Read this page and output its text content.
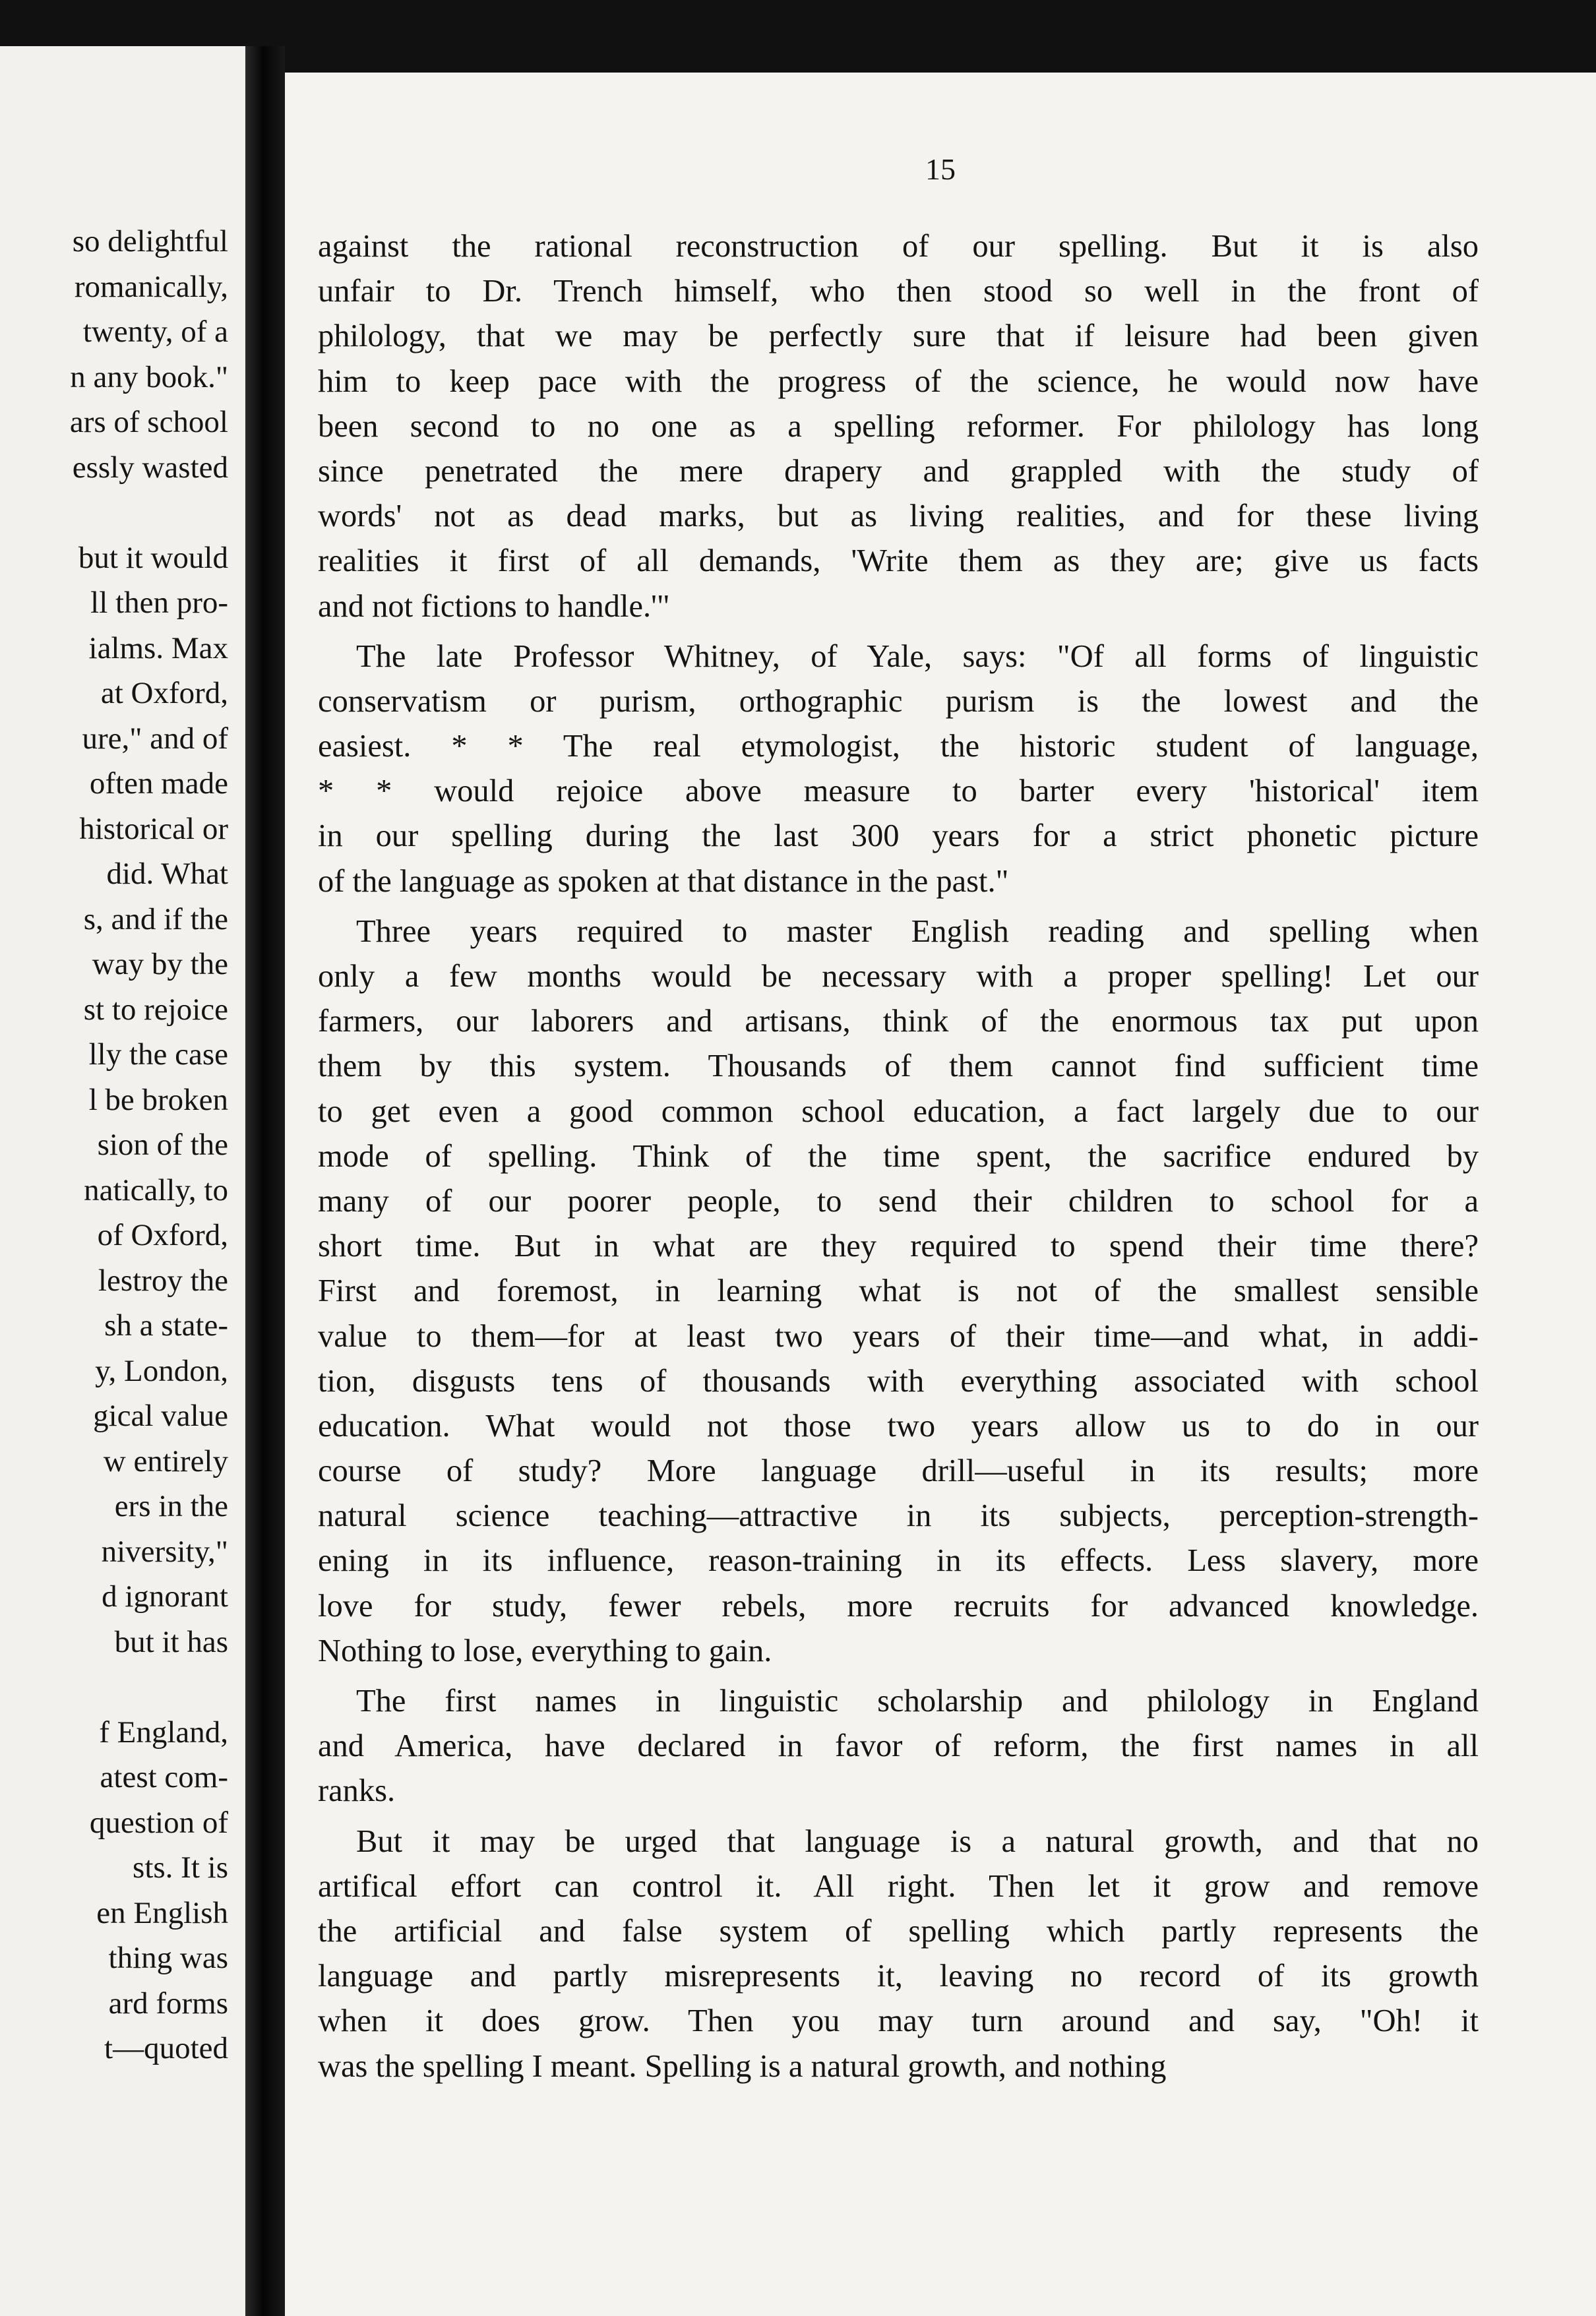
so delightful
romanically,
twenty, of a
n any book."
ars of school
essly wasted
but it would
ll then pro-
ialms. Max
at Oxford,
ure," and of
often made
historical or
did. What
s, and if the
way by the
st to rejoice
lly the case
l be broken
sion of the
natically, to
of Oxford,
lestroy the
sh a state-
y, London,
gical value
w entirely
ers in the
niversity,"
d ignorant
but it has
f England,
atest com-
question of
sts. It is
en English
thing was
ard forms
t—quoted
15
against the rational reconstruction of our spelling. But it is also
unfair to Dr. Trench himself, who then stood so well in the front of
philology, that we may be perfectly sure that if leisure had been given
him to keep pace with the progress of the science, he would now have
been second to no one as a spelling reformer. For philology has long
since penetrated the mere drapery and grappled with the study of
words' not as dead marks, but as living realities, and for these living
realities it first of all demands, 'Write them as they are; give us facts
and not fictions to handle.'"
The late Professor Whitney, of Yale, says: "Of all forms of linguistic
conservatism or purism, orthographic purism is the lowest and the
easiest. * * The real etymologist, the historic student of language,
* * would rejoice above measure to barter every 'historical' item
in our spelling during the last 300 years for a strict phonetic picture
of the language as spoken at that distance in the past."
Three years required to master English reading and spelling when
only a few months would be necessary with a proper spelling! Let our
farmers, our laborers and artisans, think of the enormous tax put upon
them by this system. Thousands of them cannot find sufficient time
to get even a good common school education, a fact largely due to our
mode of spelling. Think of the time spent, the sacrifice endured by
many of our poorer people, to send their children to school for a
short time. But in what are they required to spend their time there?
First and foremost, in learning what is not of the smallest sensible
value to them—for at least two years of their time—and what, in addi-
tion, disgusts tens of thousands with everything associated with school
education. What would not those two years allow us to do in our
course of study? More language drill—useful in its results; more
natural science teaching—attractive in its subjects, perception-strength-
ening in its influence, reason-training in its effects. Less slavery, more
love for study, fewer rebels, more recruits for advanced knowledge.
Nothing to lose, everything to gain.
The first names in linguistic scholarship and philology in England
and America, have declared in favor of reform, the first names in all
ranks.
But it may be urged that language is a natural growth, and that no
artifical effort can control it. All right. Then let it grow and remove
the artificial and false system of spelling which partly represents the
language and partly misrepresents it, leaving no record of its growth
when it does grow. Then you may turn around and say, "Oh! it
was the spelling I meant. Spelling is a natural growth, and nothing
